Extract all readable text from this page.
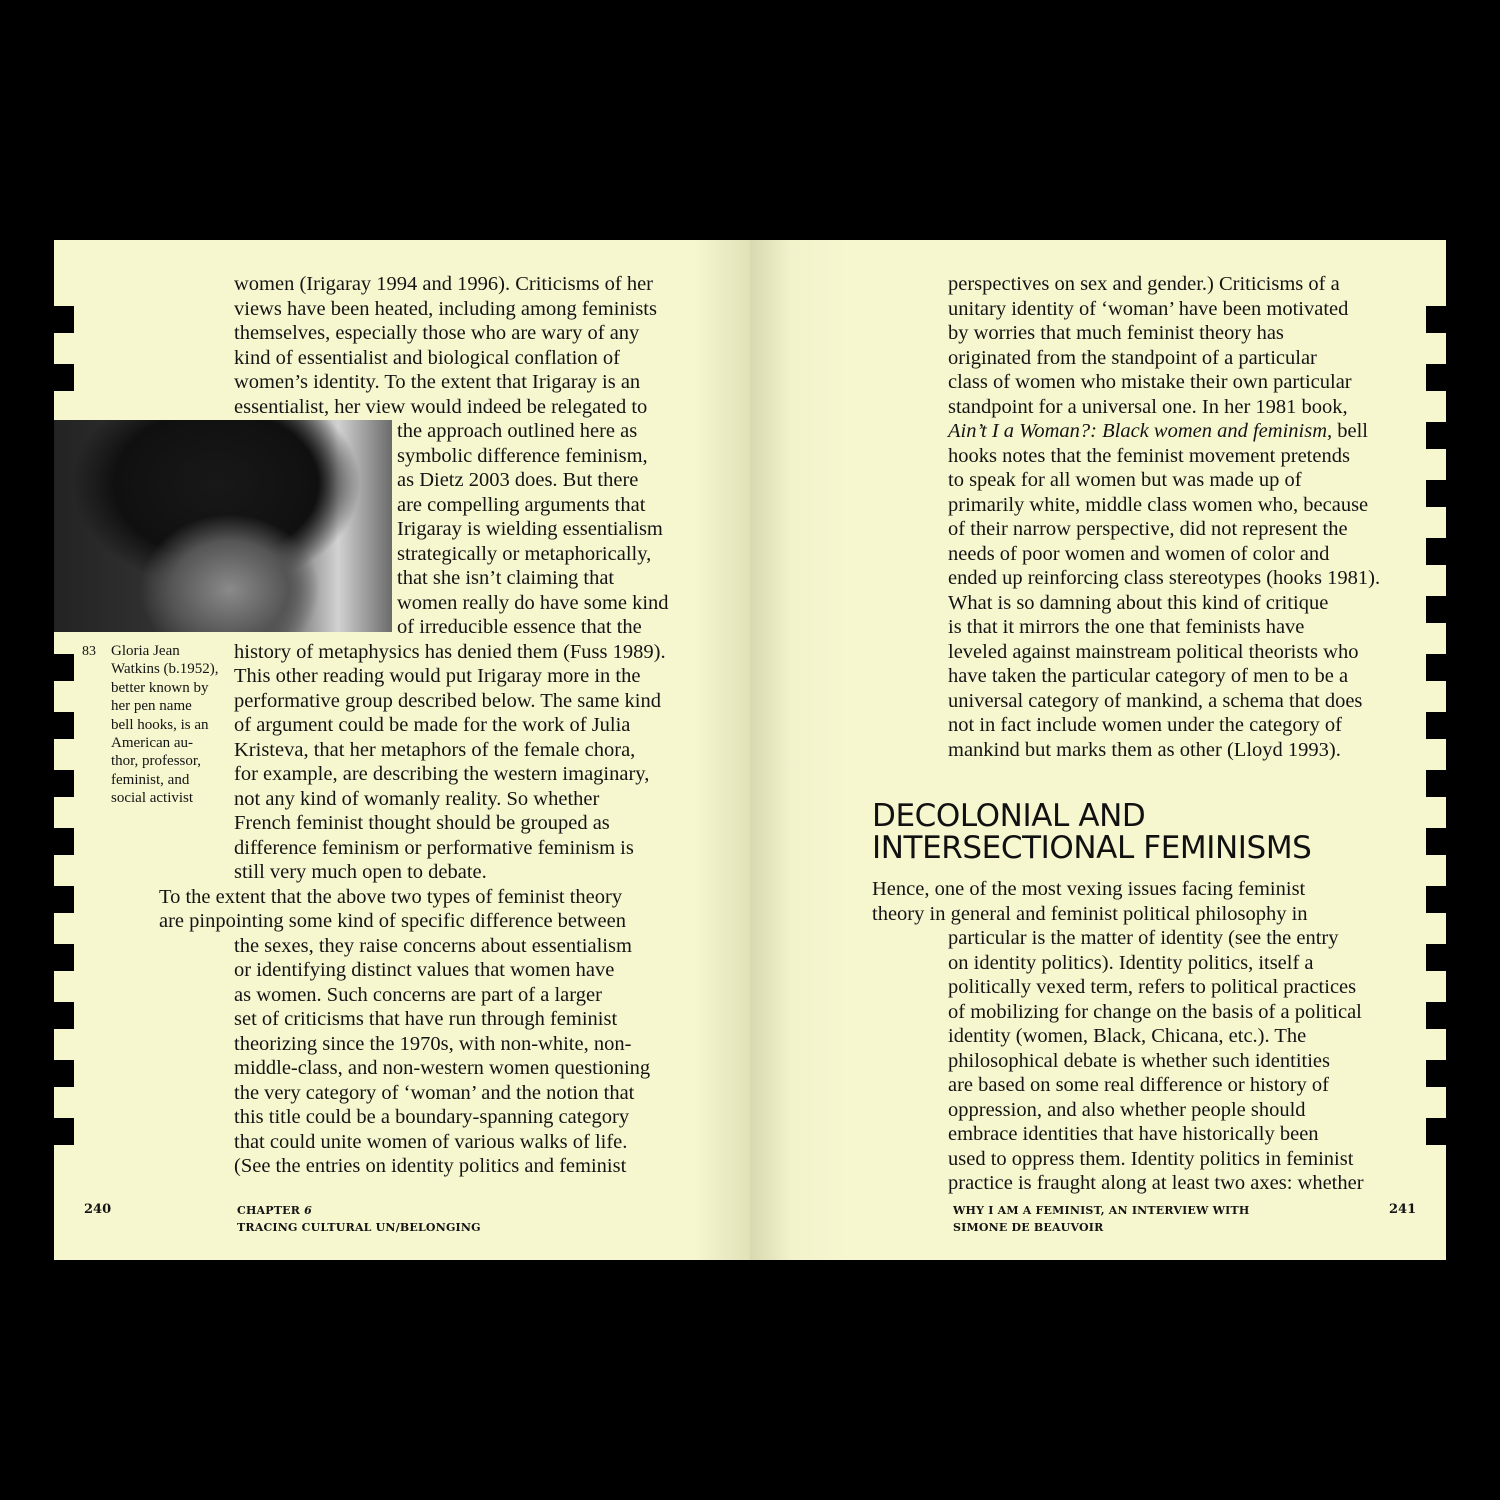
women (Irigaray 1994 and 1996). Criticisms of her

views have been heated, including among feminists

themselves, especially those who are wary of any

kind of essentialist and biological conflation of

women’s identity. To the extent that Irigaray is an

essentialist, her view would indeed be relegated to

the approach outlined here as

symbolic difference feminism,

as Dietz 2003 does. But there

are compelling arguments that

Irigaray is wielding essentialism

strategically or metaphorically,

that she isn’t claiming that

women really do have some kind

of irreducible essence that the

history of metaphysics has denied them (Fuss 1989).

This other reading would put Irigaray more in the

performative group described below. The same kind

of argument could be made for the work of Julia

Kristeva, that her metaphors of the female chora,

for example, are describing the western imaginary,

not any kind of womanly reality. So whether

French feminist thought should be grouped as

difference feminism or performative feminism is

still very much open to debate.

To the extent that the above two types of feminist theory

are pinpointing some kind of specific difference between

the sexes, they raise concerns about essentialism

or identifying distinct values that women have

as women. Such concerns are part of a larger

set of criticisms that have run through feminist

theorizing since the 1970s, with non-white, non-

middle-class, and non-western women questioning

the very category of ‘woman’ and the notion that

this title could be a boundary-spanning category

that could unite women of various walks of life.

(See the entries on identity politics and feminist

83 Gloria Jean

Watkins (b.1952),

better known by

her pen name

bell hooks, is an

American au-

thor, professor,

feminist, and

social activist

240	CHAPTER 6
TRACING CULTURAL UN/BELONGING

perspectives on sex and gender.) Criticisms of a

unitary identity of ‘woman’ have been motivated

by worries that much feminist theory has

originated from the standpoint of a particular

class of women who mistake their own particular

standpoint for a universal one. In her 1981 book,

Ain’t I a Woman?: Black women and feminism, bell

hooks notes that the feminist movement pretends

to speak for all women but was made up of

primarily white, middle class women who, because

of their narrow perspective, did not represent the

needs of poor women and women of color and

ended up reinforcing class stereotypes (hooks 1981).

What is so damning about this kind of critique

is that it mirrors the one that feminists have

leveled against mainstream political theorists who

have taken the particular category of men to be a

universal category of mankind, a schema that does

not in fact include women under the category of

mankind but marks them as other (Lloyd 1993).

DECOLONIAL AND
INTERSECTIONAL FEMINISMS

Hence, one of the most vexing issues facing feminist

theory in general and feminist political philosophy in

particular is the matter of identity (see the entry

on identity politics). Identity politics, itself a

politically vexed term, refers to political practices

of mobilizing for change on the basis of a political

identity (women, Black, Chicana, etc.). The

philosophical debate is whether such identities

are based on some real difference or history of

oppression, and also whether people should

embrace identities that have historically been

used to oppress them. Identity politics in feminist

practice is fraught along at least two axes: whether

WHY I AM A FEMINIST, AN INTERVIEW WITH
SIMONE DE BEAUVOIR

241
